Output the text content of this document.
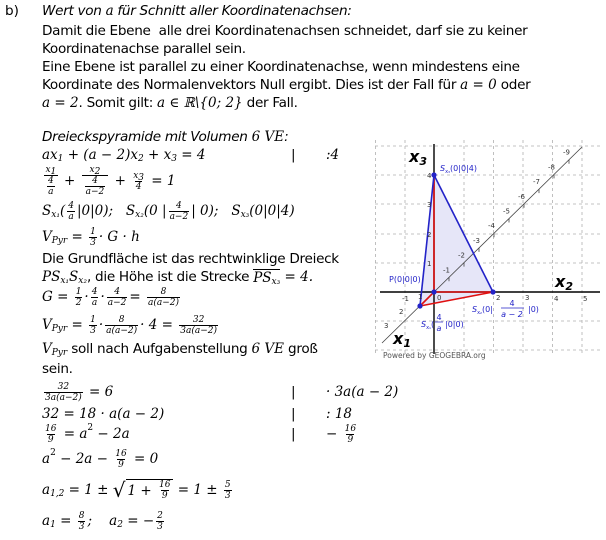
b) Wert von a für Schnitt aller Koordinatenachsen:
Damit die Ebene  alle drei Koordinatenachsen schneidet, darf sie zu keiner
Koordinatenachse parallel sein.
Eine Ebene ist parallel zu einer Koordinatenachse, wenn mindestens eine
Koordinate des Normalenvektors Null ergibt. Dies ist der Fall für a = 0 oder
a = 2 . Somit gilt: a ∈ ℝ\{0; 2} der Fall.
Dreieckspyramide mit Volumen 6 VE :
ax 1 + (a − 2)x 2 + x 3 = 4	| :4
$\frac{x 1}{\frac{4}{a}} + \frac{x 2}{\frac{4}{a-2}} + \frac{x 3}{4} = 1$
S x₁ ( $\frac{4}{a} |0|0$);   S x₂ (0 | $\frac{4}{a-2}$ | 0);   S x₃ (0|0|4)
V Pyr = $\frac{1}{3} \cdot G \cdot h$
Die Grundfläche ist das rechtwinklige Dreieck
PS x₁ S x₂ , die Höhe ist die Strecke PS x₃ = 4.
$G = \frac{1}{2} \cdot \frac{4}{a} \cdot \frac{4}{a-2} = \frac{8}{a(a-2)}$
V Pyr = $\frac{1}{3} \cdot \frac{8}{a(a-2)} \cdot 4 = \frac{32}{3a(a-2)}$
V Pyr soll nach Aufgabenstellung 6 VE groß
sein.
$\frac{32}{3a(a-2)} = 6$	| · 3a(a − 2)
32 = 18 · a(a − 2)	| : 18
$\frac{16}{9} = a$ 2 − 2a	| − $\frac{16}{9}$
a $2 - 2a - \frac{16}{9} = 0$
a 1,2 = 1 ± √ $1 + \frac{16}{9} = 1 \pm \frac{5}{3}$
a $1 = \frac{8}{3}$ ;    a 2 = − $\frac{2}{3}$
-1
-2
-3
-4
-5
-6
-7
-8
-9
-1	2	3	4	5
1
2
3
4
0
1
2
3
x3
x2
x1
P(0|0|0)
$S_{x_3}(0|0|4)$
$S_{x_2}(0|$
4
a − 2
|0)
$S_{x_1}$(
4
a |0|0)
Powered by GEOGEBRA.org
